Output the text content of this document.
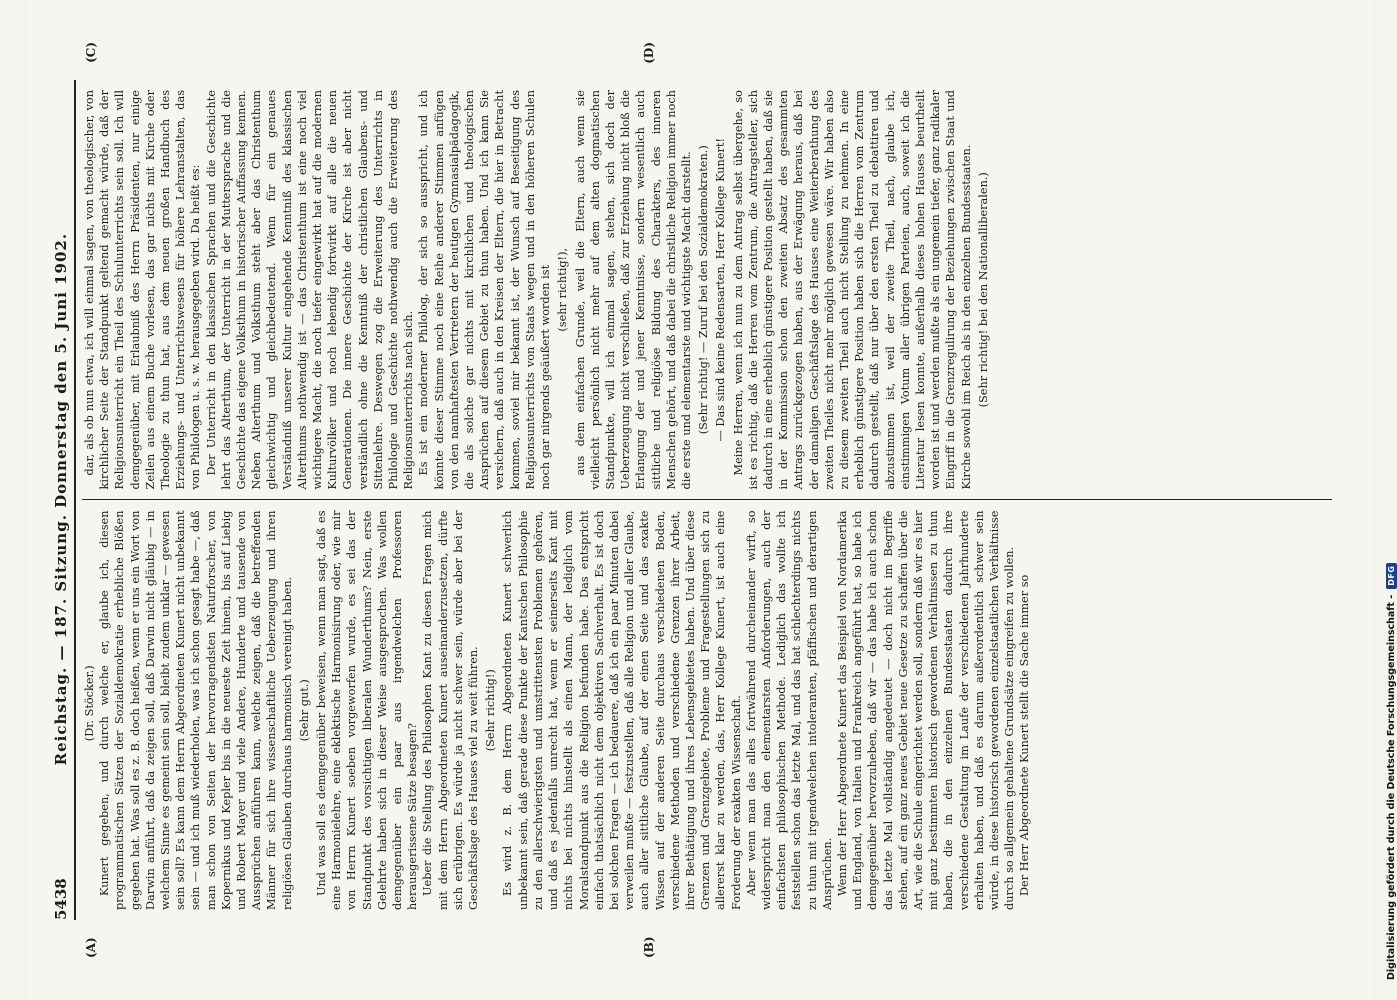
5438
Reichstag. — 187. Sitzung. Donnerstag den 5. Juni 1902.
(A)	(B)
(C)	(D)

(Dr. Stöcker.) Kunert gegeben, und durch welche er, glaube ich, diesen programmatischen Sätzen der Sozialdemokratie erhebliche Blößen gegeben hat. Was soll es z. B. doch heißen, wenn er uns ein Wort von Darwin anführt, daß da zeigen soll, daß Darwin nicht gläubig — in welchem Sinne es gemeint sein soll, bleibt zudem unklar — gewesen sein soll? Es kann dem Herrn Abgeordneten Kunert nicht unbekannt sein — und ich muß wiederholen, was ich schon gesagt habe —, daß man schon von Seiten der hervorragendsten Naturforscher, von Kopernikus und Kepler bis in die neueste Zeit hinein, bis auf Liebig und Robert Mayer und viele Andere, Hunderte und tausende von Aussprüchen anführen kann, welche zeigen, daß die betreffenden Männer für sich ihre wissenschaftliche Ueberzeugung und ihren religiösen Glauben durchaus harmonisch vereinigt haben. (Sehr gut.) Und was soll es demgegenüber beweisen, wenn man sagt, daß es eine Harmonielehre, eine eklektische Harmonisirung oder, wie mir von Herrn Kunert soeben vorgeworfen wurde, es sei das der Standpunkt des vorsichtigen liberalen Wunderthums? Nein, erste Gelehrte haben sich in dieser Weise ausgesprochen. Was wollen demgegenüber ein paar aus irgendwelchen Professoren herausgerissene Sätze besagen? Ueber die Stellung des Philosophen Kant zu diesen Fragen mich mit dem Herrn Abgeordneten Kunert auseinanderzusetzen, dürfte sich erübrigen. Es würde ja nicht schwer sein, würde aber bei der Geschäftslage des Hauses viel zu weit führen. (Sehr richtig!) Es wird z. B. dem Herrn Abgeordneten Kunert schwerlich unbekannt sein, daß gerade diese Punkte der Kantschen Philosophie zu den allerschwierigsten und umstrittensten Problemen gehören, und daß es jedenfalls unrecht hat, wenn er seinerseits Kant mit nichts bei nichts hinstellt als einen Mann, der lediglich vom Moralstandpunkt aus die Religion befunden habe. Das entspricht einfach thatsächlich nicht dem objektiven Sachverhalt. Es ist doch bei solchen Fragen — ich bedauere, daß ich ein paar Minuten dabei verweilen mußte — festzustellen, daß alle Religion und aller Glaube, auch aller sittliche Glaube, auf der einen Seite und das exakte Wissen auf der anderen Seite durchaus verschiedenen Boden, verschiedene Methoden und verschiedene Grenzen ihrer Arbeit, ihrer Bethätigung und ihres Lebensgebietes haben. Und über diese Grenzen und Grenzgebiete, Probleme und Fragestellungen sich zu allererst klar zu werden, das, Herr Kollege Kunert, ist auch eine Forderung der exakten Wissenschaft. Aber wenn man das alles fortwährend durcheinander wirft, so widerspricht man den elementarsten Anforderungen, auch der einfachsten philosophischen Methode. Lediglich das wollte ich feststellen schon das letzte Mal, und das hat schlechterdings nichts zu thun mit irgendwelchen intoleranten, pfäffischen und derartigen Ansprüchen. Wenn der Herr Abgeordnete Kunert das Beispiel von Nordamerika und England, von Italien und Frankreich angeführt hat, so habe ich demgegenüber hervorzuheben, daß wir — das habe ich auch schon das letzte Mal vollständig angedeutet — doch nicht im Begriffe stehen, auf ein ganz neues Gebiet neue Gesetze zu schaffen über die Art, wie die Schule eingerichtet werden soll, sondern daß wir es hier mit ganz bestimmten historisch gewordenen Verhältnissen zu thun haben, die in den einzelnen Bundesstaaten dadurch ihre verschiedene Gestaltung im Laufe der verschiedenen Jahrhunderte erhalten haben, und daß es darum außerordentlich schwer sein würde, in diese historisch gewordenen einzelstaatlichen Verhältnisse durch so allgemein gehaltene Grundsätze eingreifen zu wollen. Der Herr Abgeordnete Kunert stellt die Sache immer so

dar, als ob nun etwa, ich will einmal sagen, von theologischer, von kirchlicher Seite der Standpunkt geltend gemacht würde, daß der Religionsunterricht ein Theil des Schulunterrichts sein soll. Ich will demgegenüber, mit Erlaubniß des Herrn Präsidenten, nur einige Zeilen aus einem Buche vorlesen, das gar nichts mit Kirche oder Theologie zu thun hat, aus dem neuen großen Handbuch des Erziehungs- und Unterrichtswesens für höhere Lehranstalten, das von Philologen u. s. w. herausgegeben wird. Da heißt es: Der Unterricht in den klassischen Sprachen und die Geschichte lehrt das Alterthum, der Unterricht in der Muttersprache und die Geschichte das eigene Volksthum in historischer Auffassung kennen. Neben Alterthum und Volksthum steht aber das Christenthum gleichwichtig und gleichbedeutend. Wenn für ein genaues Verständniß unserer Kultur eingehende Kenntniß des klassischen Alterthums nothwendig ist — das Christenthum ist eine noch viel wichtigere Macht, die noch tiefer eingewirkt hat auf die modernen Kulturvölker und noch lebendig fortwirkt auf alle die neuen Generationen. Die innere Geschichte der Kirche ist aber nicht verständlich ohne die Kenntniß der christlichen Glaubens- und Sittenlehre. Deswegen zog die Erweiterung des Unterrichts in Philologie und Geschichte nothwendig auch die Erweiterung des Religionsunterrichts nach sich. Es ist ein moderner Philolog, der sich so ausspricht, und ich könnte dieser Stimme noch eine Reihe anderer Stimmen anfügen von den namhaftesten Vertretern der heutigen Gymnasialpädagogik, die als solche gar nichts mit kirchlichen und theologischen Ansprüchen auf diesem Gebiet zu thun haben. Und ich kann Sie versichern, daß auch in den Kreisen der Eltern, die hier in Betracht kommen, soviel mir bekannt ist, der Wunsch auf Beseitigung des Religionsunterrichts von Staats wegen und in den höheren Schulen noch gar nirgends geäußert worden ist (sehr richtig!), aus dem einfachen Grunde, weil die Eltern, auch wenn sie vielleicht persönlich nicht mehr auf dem alten dogmatischen Standpunkte, will ich einmal sagen, stehen, sich doch der Ueberzeugung nicht verschließen, daß zur Erziehung nicht bloß die Erlangung der und jener Kenntnisse, sondern wesentlich auch sittliche und religiöse Bildung des Charakters, des inneren Menschen gehört, und daß dabei die christliche Religion immer noch die erste und elementarste und wichtigste Macht darstellt. (Sehr richtig! — Zuruf bei den Sozialdemokraten.) — Das sind keine Redensarten, Herr Kollege Kunert! Meine Herren, wenn ich nun zu dem Antrag selbst übergehe, so ist es richtig, daß die Herren vom Zentrum, die Antragsteller, sich dadurch in eine erheblich günstigere Position gestellt haben, daß sie in der Kommission schon den zweiten Absatz des gesammten Antrags zurückgezogen haben, aus der Erwägung heraus, daß bei der damaligen Geschäftslage des Hauses eine Weiterberathung des zweiten Theiles nicht mehr möglich gewesen wäre. Wir haben also zu diesem zweiten Theil auch nicht Stellung zu nehmen. In eine erheblich günstigere Position haben sich die Herren vom Zentrum dadurch gestellt, daß nur über den ersten Theil zu debattiren und abzustimmen ist, weil der zweite Theil, nach, glaube ich, einstimmigen Votum aller übrigen Parteien, auch, soweit ich die Literatur lesen konnte, außerhalb dieses hohen Hauses beurtheilt worden ist und werden mußte als ein ungemein tiefer, ganz radikaler Eingriff in die Grenzregulirung der Beziehungen zwischen Staat und Kirche sowohl im Reich als in den einzelnen Bundesstaaten. (Sehr richtig! bei den Nationalliberalen.)

Digitalisierung gefördert durch die Deutsche Forschungsgemeinschaft -
DFG
